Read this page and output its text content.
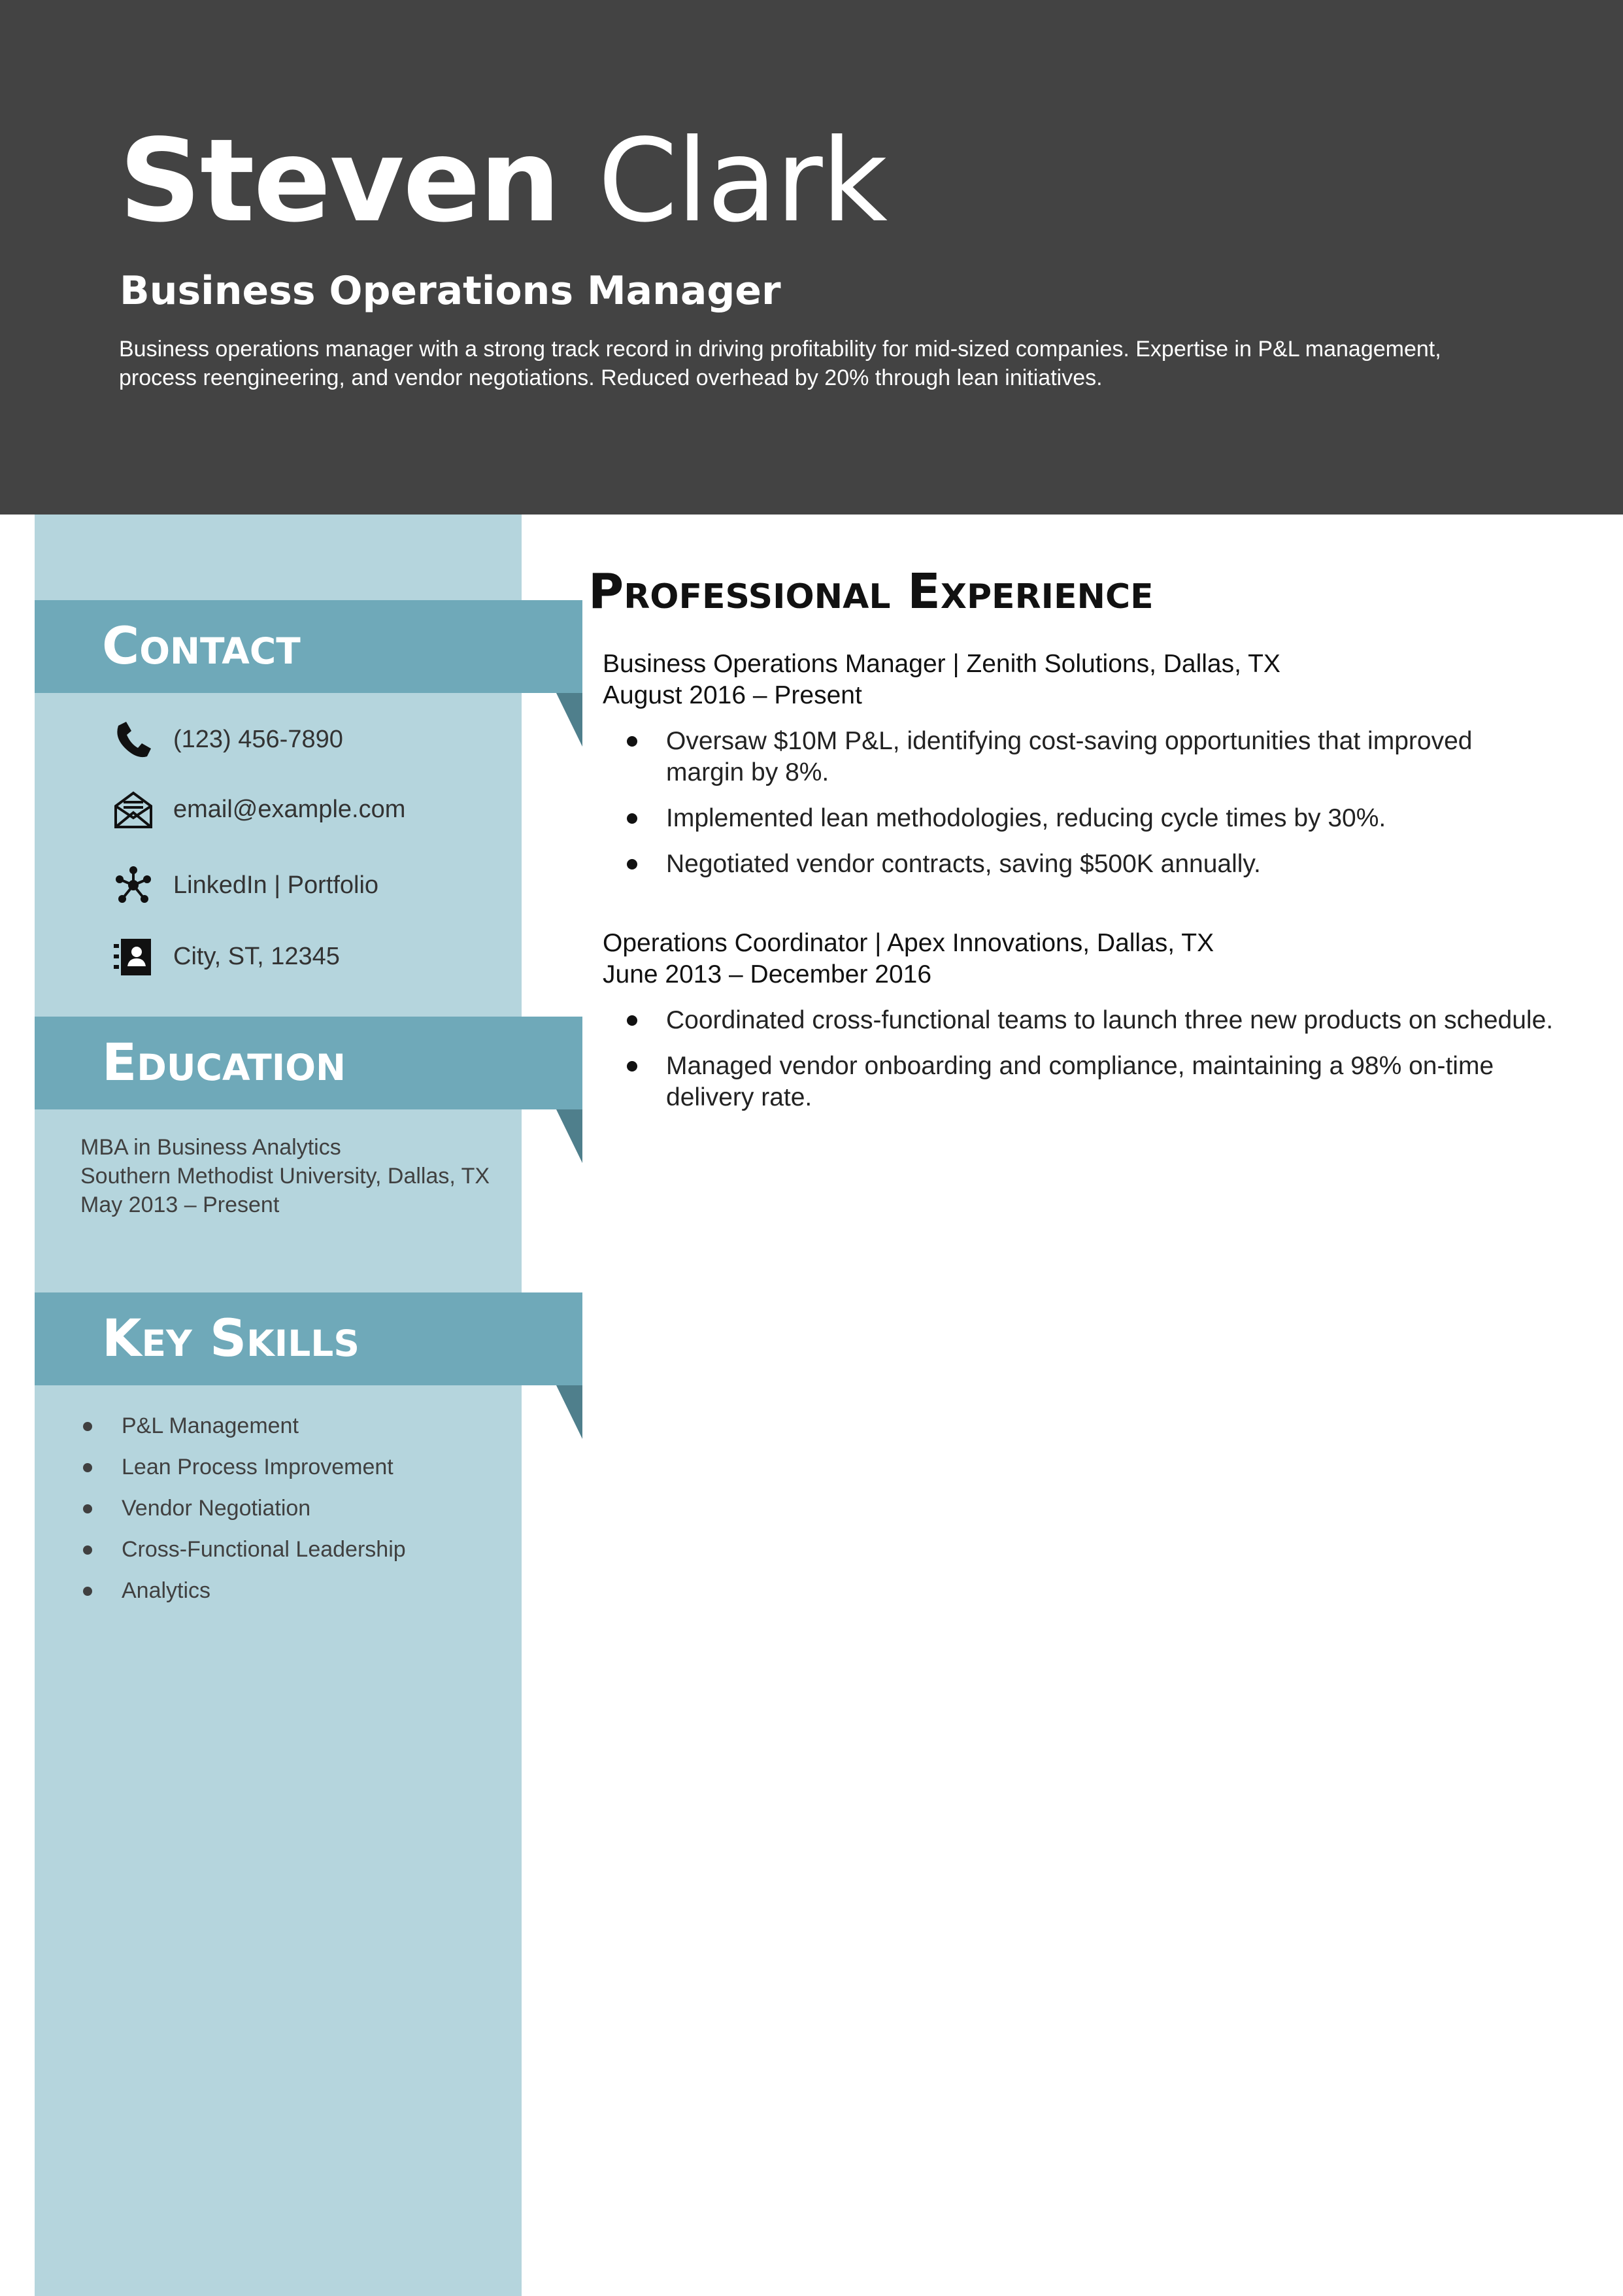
Steven Clark
Business Operations Manager

Business operations manager with a strong track record in driving profitability for mid-sized companies. Expertise in P&L management, process reengineering, and vendor negotiations. Reduced overhead by 20% through lean initiatives.

Contact
(123) 456-7890
email@example.com
LinkedIn | Portfolio
City, ST, 12345
Education
Key Skills
MBA in Business Analytics
Southern Methodist University, Dallas, TX
May 2013 – Present
P&L Management
Lean Process Improvement
Vendor Negotiation
Cross-Functional Leadership
Analytics
Professional Experience
Business Operations Manager | Zenith Solutions, Dallas, TX
August 2016 – Present
Oversaw $10M P&L, identifying cost-saving opportunities that improved margin by 8%.
Implemented lean methodologies, reducing cycle times by 30%.
Negotiated vendor contracts, saving $500K annually.
Operations Coordinator | Apex Innovations, Dallas, TX
June 2013 – December 2016
Coordinated cross-functional teams to launch three new products on schedule.
Managed vendor onboarding and compliance, maintaining a 98% on-time delivery rate.
